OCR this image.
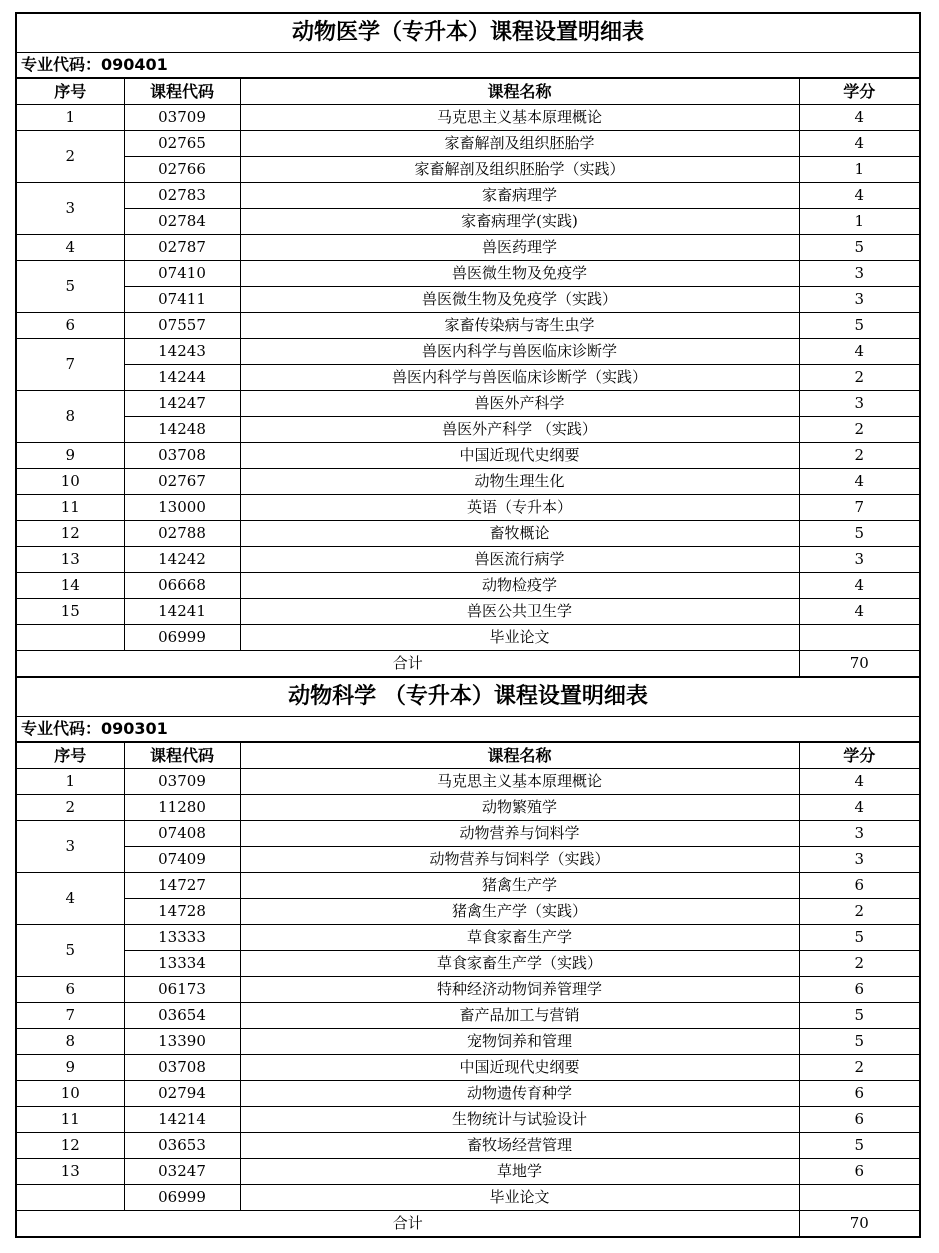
动物医学（专升本）课程设置明细表
专业代码：090401
序号	课程代码	课程名称	学分
1	03709	马克思主义基本原理概论	4
2	02765	家畜解剖及组织胚胎学	4
	02766	家畜解剖及组织胚胎学（实践）	1
3	02783	家畜病理学	4
	02784	家畜病理学(实践)	1
4	02787	兽医药理学	5
5	07410	兽医微生物及免疫学	3
	07411	兽医微生物及免疫学（实践）	3
6	07557	家畜传染病与寄生虫学	5
7	14243	兽医内科学与兽医临床诊断学	4
	14244	兽医内科学与兽医临床诊断学（实践）	2
8	14247	兽医外产科学	3
	14248	兽医外产科学 （实践）	2
9	03708	中国近现代史纲要	2
10	02767	动物生理生化	4
11	13000	英语（专升本）	7
12	02788	畜牧概论	5
13	14242	兽医流行病学	3
14	06668	动物检疫学	4
15	14241	兽医公共卫生学	4
	06999	毕业论文	
合计			70
动物科学 （专升本）课程设置明细表
专业代码：090301
序号	课程代码	课程名称	学分
1	03709	马克思主义基本原理概论	4
2	11280	动物繁殖学	4
3	07408	动物营养与饲料学	3
	07409	动物营养与饲料学（实践）	3
4	14727	猪禽生产学	6
	14728	猪禽生产学（实践）	2
5	13333	草食家畜生产学	5
	13334	草食家畜生产学（实践）	2
6	06173	特种经济动物饲养管理学	6
7	03654	畜产品加工与营销	5
8	13390	宠物饲养和管理	5
9	03708	中国近现代史纲要	2
10	02794	动物遗传育种学	6
11	14214	生物统计与试验设计	6
12	03653	畜牧场经营管理	5
13	03247	草地学	6
	06999	毕业论文	
合计			70
